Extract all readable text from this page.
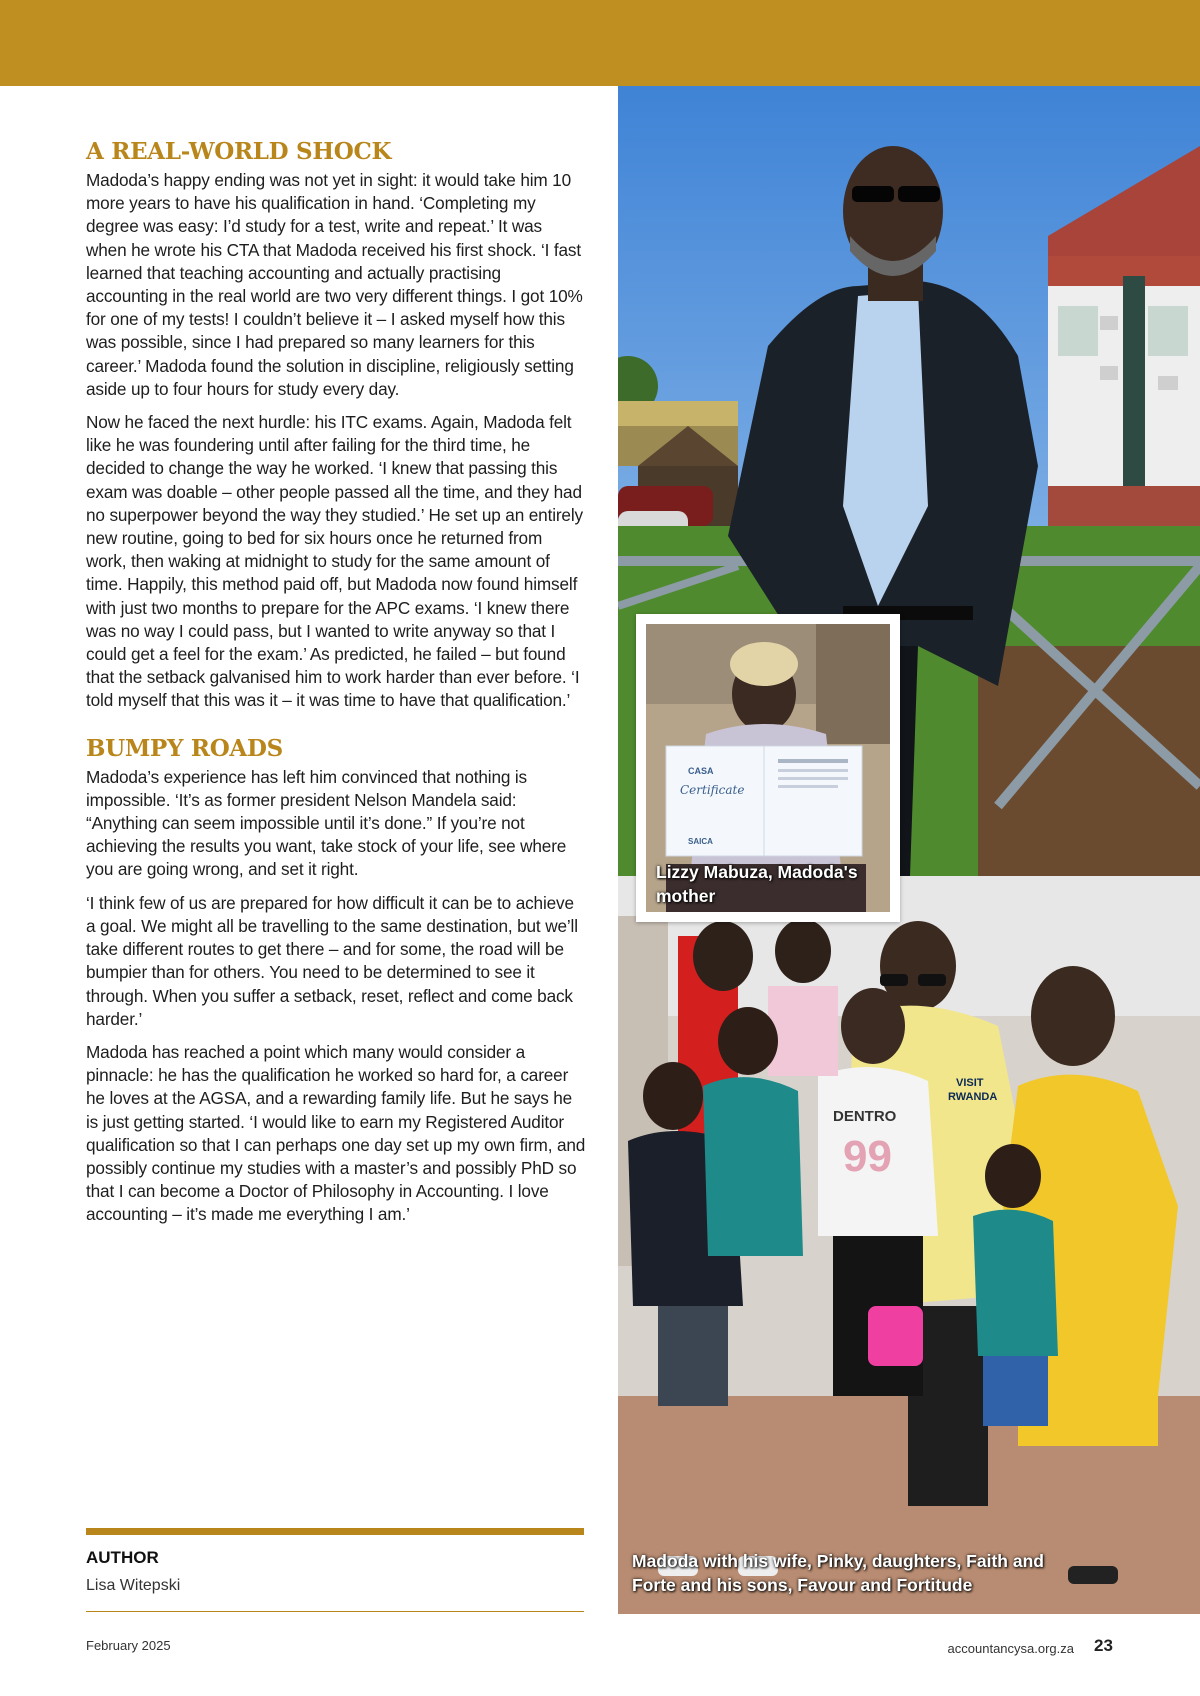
A REAL-WORLD SHOCK

Madoda’s happy ending was not yet in sight: it would take him 10 more years to have his qualification in hand. ‘Completing my degree was easy: I’d study for a test, write and repeat.’ It was when he wrote his CTA that Madoda received his first shock. ‘I fast learned that teaching accounting and actually practising accounting in the real world are two very different things. I got 10% for one of my tests! I couldn’t believe it – I asked myself how this was possible, since I had prepared so many learners for this career.’ Madoda found the solution in discipline, religiously setting aside up to four hours for study every day.

Now he faced the next hurdle: his ITC exams. Again, Madoda felt like he was foundering until after failing for the third time, he decided to change the way he worked. ‘I knew that passing this exam was doable – other people passed all the time, and they had no superpower beyond the way they studied.’ He set up an entirely new routine, going to bed for six hours once he returned from work, then waking at midnight to study for the same amount of time. Happily, this method paid off, but Madoda now found himself with just two months to prepare for the APC exams. ‘I knew there was no way I could pass, but I wanted to write anyway so that I could get a feel for the exam.’ As predicted, he failed – but found that the setback galvanised him to work harder than ever before. ‘I told myself that this was it – it was time to have that qualification.’

BUMPY ROADS

Madoda’s experience has left him convinced that nothing is impossible. ‘It’s as former president Nelson Mandela said: “Anything can seem impossible until it’s done.” If you’re not achieving the results you want, take stock of your life, see where you are going wrong, and set it right.

‘I think few of us are prepared for how difficult it can be to achieve a goal. We might all be travelling to the same destination, but we’ll take different routes to get there – and for some, the road will be bumpier than for others. You need to be determined to see it through. When you suffer a setback, reset, reflect and come back harder.’

Madoda has reached a point which many would consider a pinnacle: he has the qualification he worked so hard for, a career he loves at the AGSA, and a rewarding family life. But he says he is just getting started. ‘I would like to earn my Registered Auditor qualification so that I can perhaps one day set up my own firm, and possibly continue my studies with a master’s and possibly PhD so that I can become a Doctor of Philosophy in Accounting. I love accounting – it’s made me everything I am.’

AUTHOR
Lisa Witepski
VISIT
RWANDA
99
DENTRO
Madoda with his wife, Pinky, daughters, Faith and Forte and his sons, Favour and Fortitude
CASA
Certificate
SAICA
Lizzy Mabuza, Madoda's mother
February 2025	accountancysa.org.za 23
